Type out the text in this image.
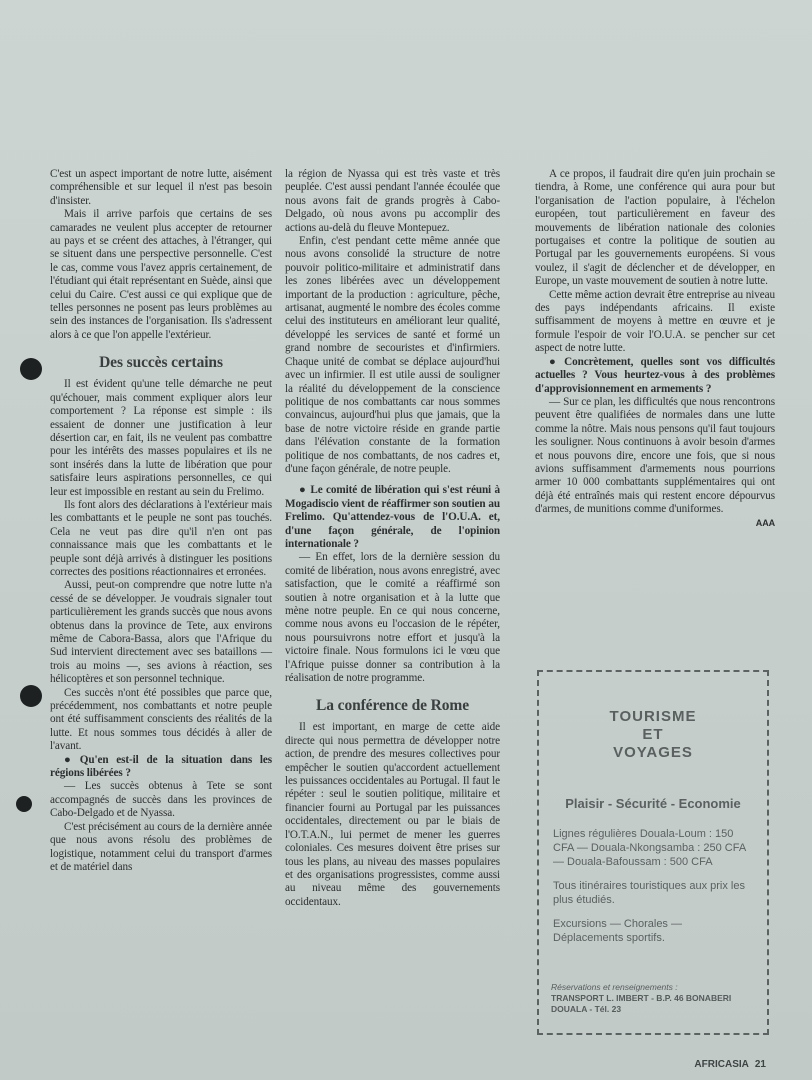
C'est un aspect important de notre lutte, aisément compréhensible et sur lequel il n'est pas besoin d'insister.

Mais il arrive parfois que certains de ses camarades ne veulent plus accepter de retourner au pays et se créent des attaches, à l'étranger, qui se situent dans une perspective personnelle. C'est le cas, comme vous l'avez appris certainement, de l'étudiant qui était représentant en Suède, ainsi que celui du Caire. C'est aussi ce qui explique que de telles personnes ne posent pas leurs problèmes au sein des instances de l'organisation. Ils s'adressent alors à ce que l'on appelle l'extérieur.

Des succès certains

Il est évident qu'une telle démarche ne peut qu'échouer, mais comment expliquer alors leur comportement ? La réponse est simple : ils essaient de donner une justification à leur désertion car, en fait, ils ne veulent pas combattre pour les intérêts des masses populaires et ils ne sont insérés dans la lutte de libération que pour satisfaire leurs aspirations personnelles, ce qui leur est impossible en restant au sein du Frelimo.

Ils font alors des déclarations à l'extérieur mais les combattants et le peuple ne sont pas touchés. Cela ne veut pas dire qu'il n'en ont pas connaissance mais que les combattants et le peuple sont déjà arrivés à distinguer les positions correctes des positions réactionnaires et erronées.

Aussi, peut-on comprendre que notre lutte n'a cessé de se développer. Je voudrais signaler tout particulièrement les grands succès que nous avons obtenus dans la province de Tete, aux environs même de Cabora-Bassa, alors que l'Afrique du Sud intervient directement avec ses bataillons — trois au moins —, ses avions à réaction, ses hélicoptères et son personnel technique.

Ces succès n'ont été possibles que parce que, précédemment, nos combattants et notre peuple ont été suffisamment conscients des réalités de la lutte. Et nous sommes tous décidés à aller de l'avant.

● Qu'en est-il de la situation dans les régions libérées ?

— Les succès obtenus à Tete se sont accompagnés de succès dans les provinces de Cabo-Delgado et de Nyassa.

C'est précisément au cours de la dernière année que nous avons résolu des problèmes de logistique, notamment celui du transport d'armes et de matériel dans

la région de Nyassa qui est très vaste et très peuplée. C'est aussi pendant l'année écoulée que nous avons fait de grands progrès à Cabo-Delgado, où nous avons pu accomplir des actions au-delà du fleuve Montepuez.

Enfin, c'est pendant cette même année que nous avons consolidé la structure de notre pouvoir politico-militaire et administratif dans les zones libérées avec un développement important de la production : agriculture, pêche, artisanat, augmenté le nombre des écoles comme celui des instituteurs en améliorant leur qualité, développé les services de santé et formé un grand nombre de secouristes et d'infirmiers. Chaque unité de combat se déplace aujourd'hui avec un infirmier. Il est utile aussi de souligner la réalité du développement de la conscience politique de nos combattants car nous sommes convaincus, aujourd'hui plus que jamais, que la base de notre victoire réside en grande partie dans l'élévation constante de la formation politique de nos combattants, de nos cadres et, d'une façon générale, de notre peuple.

● Le comité de libération qui s'est réuni à Mogadiscio vient de réaffirmer son soutien au Frelimo. Qu'attendez-vous de l'O.U.A. et, d'une façon générale, de l'opinion internationale ?

— En effet, lors de la dernière session du comité de libération, nous avons enregistré, avec satisfaction, que le comité a réaffirmé son soutien à notre organisation et à la lutte que mène notre peuple. En ce qui nous concerne, comme nous avons eu l'occasion de le répéter, nous poursuivrons notre effort et jusqu'à la victoire finale. Nous formulons ici le vœu que l'Afrique puisse donner sa contribution à la réalisation de notre programme.

La conférence de Rome

Il est important, en marge de cette aide directe qui nous permettra de développer notre action, de prendre des mesures collectives pour empêcher le soutien qu'accordent actuellement les puissances occidentales au Portugal. Il faut le répéter : seul le soutien politique, militaire et financier fourni au Portugal par les puissances occidentales, directement ou par le biais de l'O.T.A.N., lui permet de mener les guerres coloniales. Ces mesures doivent être prises sur tous les plans, au niveau des masses populaires et des organisations progressistes, comme aussi au niveau même des gouvernements occidentaux.

A ce propos, il faudrait dire qu'en juin prochain se tiendra, à Rome, une conférence qui aura pour but l'organisation de l'action populaire, à l'échelon européen, tout particulièrement en faveur des mouvements de libération nationale des colonies portugaises et contre la politique de soutien au Portugal par les gouvernements européens. Si vous voulez, il s'agit de déclencher et de développer, en Europe, un vaste mouvement de soutien à notre lutte.

Cette même action devrait être entreprise au niveau des pays indépendants africains. Il existe suffisamment de moyens à mettre en œuvre et je formule l'espoir de voir l'O.U.A. se pencher sur cet aspect de notre lutte.

● Concrètement, quelles sont vos difficultés actuelles ? Vous heurtez-vous à des problèmes d'approvisionnement en armements ?

— Sur ce plan, les difficultés que nous rencontrons peuvent être qualifiées de normales dans une lutte comme la nôtre. Mais nous pensons qu'il faut toujours les souligner. Nous continuons à avoir besoin d'armes et nous pouvons dire, encore une fois, que si nous avions suffisamment d'armements nous pourrions armer 10 000 combattants supplémentaires qui ont déjà été entraînés mais qui restent encore dépourvus d'armes, de munitions comme d'uniformes.

AAA
TOURISME
ET
VOYAGES
Plaisir - Sécurité - Economie

Lignes régulières Douala-Loum : 150 CFA — Douala-Nkongsamba : 250 CFA — Douala-Bafoussam : 500 CFA

Tous itinéraires touristiques aux prix les plus étudiés.

Excursions — Chorales — Déplacements sportifs.

Réservations et renseignements :
TRANSPORT L. IMBERT - B.P. 46 BONABERI
DOUALA - Tél. 23
AFRICASIA 21
